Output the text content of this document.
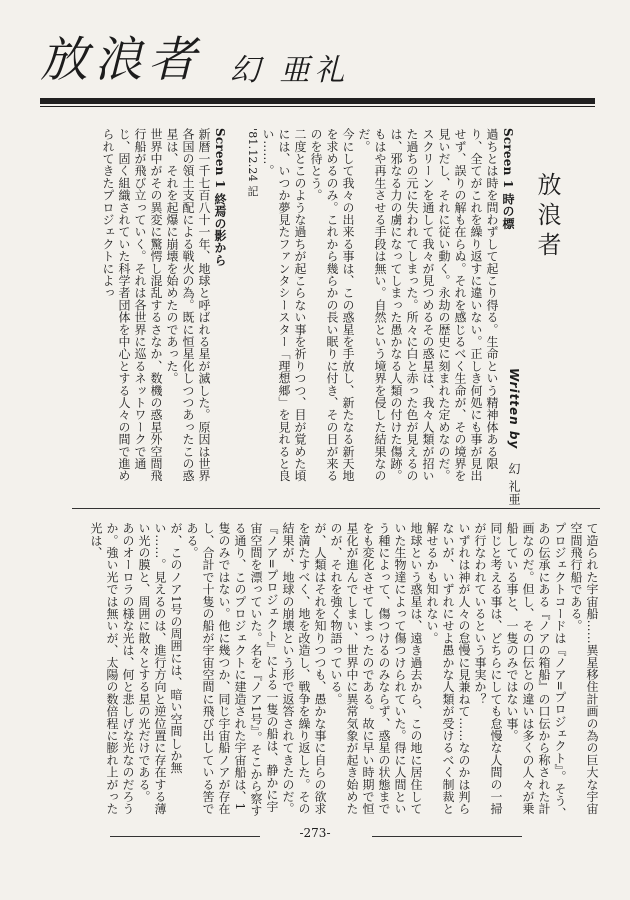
放浪者 幻 亜礼
放浪者
Written by　幻 礼亜

Screen 1 時の標

過ちとは時を問わずして起こり得る。生命という精神体ある限り、全てがこれを繰り返すに違いない。正しき何処にも事が見出せず、誤りの解も在らぬ。それを感じるべく生命が、その境界を見いだし、それに従い動く。永劫の歴史に刻まれた定めなのだ。

スクリーンを通して我々が見つめるその惑星は、我々人類が招いた過ちの元に失われてしまった。所々に白と赤った色が見えるのは、邪なる力の虜になってしまった愚かなる人類の付けた傷跡。もはや再生させる手段は無い。自然という境界を侵した結果なのだ。

今にして我々の出来る事は、この惑星を手放し、新たなる新天地を求めるのみ。これから幾らかの長い眠りに付き、その日が来るのを待とう。

二度とこのような過ちが起こらない事を祈りつつ、目が覚めた頃には、いつか夢見たファンタシースター「理想郷」を見れると良い……。

'81.12.24 記

Screen 1 終焉の影から

新暦一千七百八十一年、地球と呼ばれる星が滅した。原因は世界各国の領土支配による戦火の為。既に恒星化しつつあったこの惑星は、それを起爆に崩壊を始めたのであった。

世界中がその異変に驚愕し混乱するさなか、数機の惑星外空間飛行船が飛び立っていく。それは各世界に巡るネットワークで通じ、固く組織されていた科学者団体を中心とする人々の間で進められてきたプロジェクトによっ

て造られた宇宙船……異星移住計画の為の巨大な宇宙空間飛行船である。

プロジェクトコードは『ノア=プロジェクト』。そう、あの伝承にある『ノアの箱船』の口伝から称された計画なのだ。但し、その口伝との違いは多くの人々が乗船している事と、一隻のみではない事。

同じと考える事は、どちらにしても怠慢な人間の一掃が行なわれているという事実か？

いずれは神が人々の怠慢に見兼ねて……なのかは判らないが、いずれにせよ愚かな人類が受けるべく制裁と解せるかも知れない。

地球という惑星は、遠き過去から、この地に居住していた生物達によって傷つけられていた。得に人間という種によって、傷つけるのみならず、惑星の状態までをも変化させてしまったのである。故に早い時期で恒星化が進んでしまい、世界中に異常気象が起き始めたのが、それを強く物語っている。

が、人類はそれを知りつつも、愚かな事に自らの欲求を満たすべく、地を改造し、戦争を繰り返した。その結果が、地球の崩壊という形で返答されてきたのだ。

『ノア=プロジェクト』による一隻の船は、静かに宇宙空間を漂っていた。名を『ノア1号』。そこから察する通り、このプロジェクトに建造された宇宙船は、1隻のみではない。他に幾つか、同じ宇宙船ノアが存在し、合計で十隻の船が宇宙空間に飛び出している筈である。

が、このノア1号の周囲には、暗い空間しか無い……。見えるのは、進行方向と逆位置に存在する薄い光の膜と、周囲に散々とする星の光だけである。

あのオーロラの様な光は、何と悲しげな光なのだろうか。強い光では無いが、太陽の数倍程に膨れ上がった光は、

-273-
